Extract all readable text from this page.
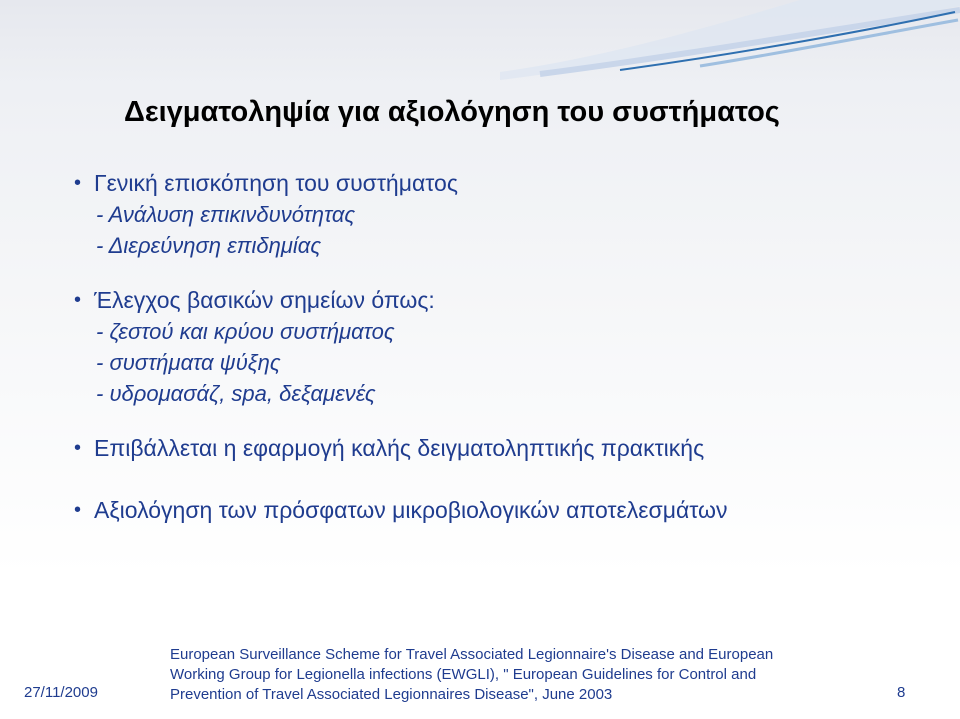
Δειγματοληψία για αξιολόγηση του συστήματος
• Γενική επισκόπηση του συστήματος
- Ανάλυση επικινδυνότητας
- Διερεύνηση επιδημίας
• Έλεγχος βασικών σημείων όπως:
- ζεστού και κρύου συστήματος
- συστήματα ψύξης
- υδρομασάζ, spa, δεξαμενές
• Επιβάλλεται η εφαρμογή καλής δειγματοληπτικής πρακτικής
• Αξιολόγηση των πρόσφατων μικροβιολογικών αποτελεσμάτων
European Surveillance Scheme for Travel Associated Legionnaire's Disease and European
Working Group for Legionella infections (EWGLI), " European Guidelines for Control and
Prevention of Travel Associated Legionnaires Disease", June 2003
27/11/2009	8
